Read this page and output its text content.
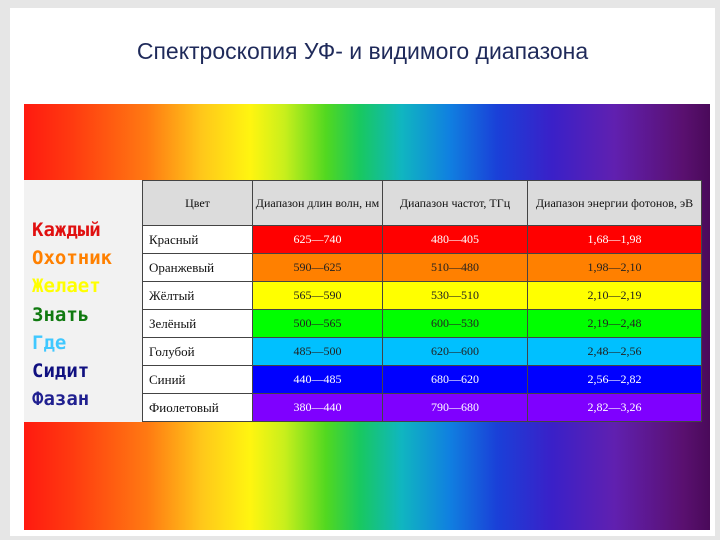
Спектроскопия УФ- и видимого диапазона
Каждый
Охотник
Желает
Знать
Где
Сидит
Фазан
Цвет	Диапазон длин волн, нм	Диапазон частот, ТГц	Диапазон энергии фотонов, эВ
Красный	625—740	480—405	1,68—1,98
Оранжевый	590—625	510—480	1,98—2,10
Жёлтый	565—590	530—510	2,10—2,19
Зелёный	500—565	600—530	2,19—2,48
Голубой	485—500	620—600	2,48—2,56
Синий	440—485	680—620	2,56—2,82
Фиолетовый	380—440	790—680	2,82—3,26
